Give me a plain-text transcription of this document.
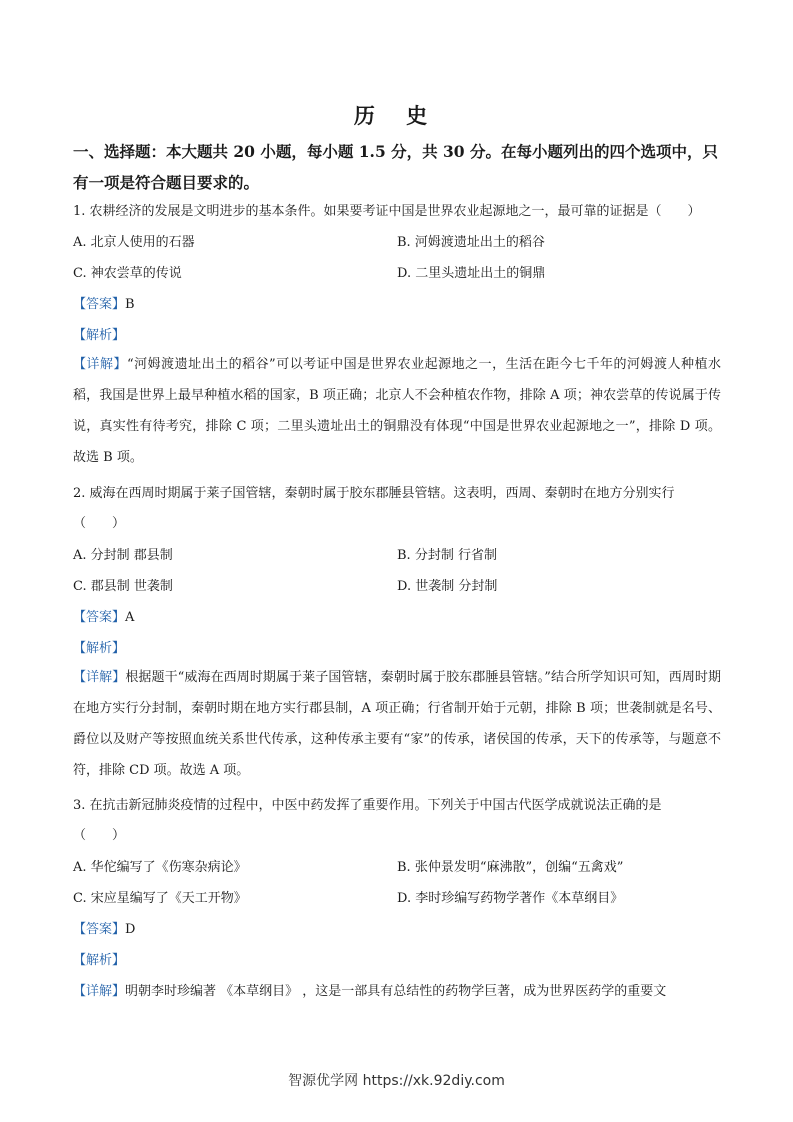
历 史
一、选择题：本大题共 20 小题，每小题 1.5 分，共 30 分。在每小题列出的四个选项中，只有一项是符合题目要求的。
1. 农耕经济的发展是文明进步的基本条件。如果要考证中国是世界农业起源地之一，最可靠的证据是（　　）
A. 北京人使用的石器	B. 河姆渡遗址出土的稻谷
C. 神农尝草的传说	D. 二里头遗址出土的铜鼎
【答案】B
【解析】
【详解】“河姆渡遗址出土的稻谷”可以考证中国是世界农业起源地之一，生活在距今七千年的河姆渡人种植水稻，我国是世界上最早种植水稻的国家，B 项正确；北京人不会种植农作物，排除 A 项；神农尝草的传说属于传说，真实性有待考究，排除 C 项；二里头遗址出土的铜鼎没有体现“中国是世界农业起源地之一”，排除 D 项。故选 B 项。
2. 威海在西周时期属于莱子国管辖，秦朝时属于胶东郡腄县管辖。这表明，西周、秦朝时在地方分别实行
（　　）
A. 分封制 郡县制	B. 分封制 行省制
C. 郡县制 世袭制	D. 世袭制 分封制
【答案】A
【解析】
【详解】根据题干“威海在西周时期属于莱子国管辖，秦朝时属于胶东郡腄县管辖。”结合所学知识可知，西周时期在地方实行分封制，秦朝时期在地方实行郡县制，A 项正确；行省制开始于元朝，排除 B 项；世袭制就是名号、爵位以及财产等按照血统关系世代传承，这种传承主要有“家”的传承，诸侯国的传承，天下的传承等，与题意不符，排除 CD 项。故选 A 项。
3. 在抗击新冠肺炎疫情的过程中，中医中药发挥了重要作用。下列关于中国古代医学成就说法正确的是
（　　）
A. 华佗编写了《伤寒杂病论》	B. 张仲景发明“麻沸散”，创编“五禽戏”
C. 宋应星编写了《天工开物》	D. 李时珍编写药物学著作《本草纲目》
【答案】D
【解析】
【详解】明朝李时珍编著 《本草纲目》 ，这是一部具有总结性的药物学巨著，成为世界医药学的重要文
智源优学网 https://xk.92diy.com
